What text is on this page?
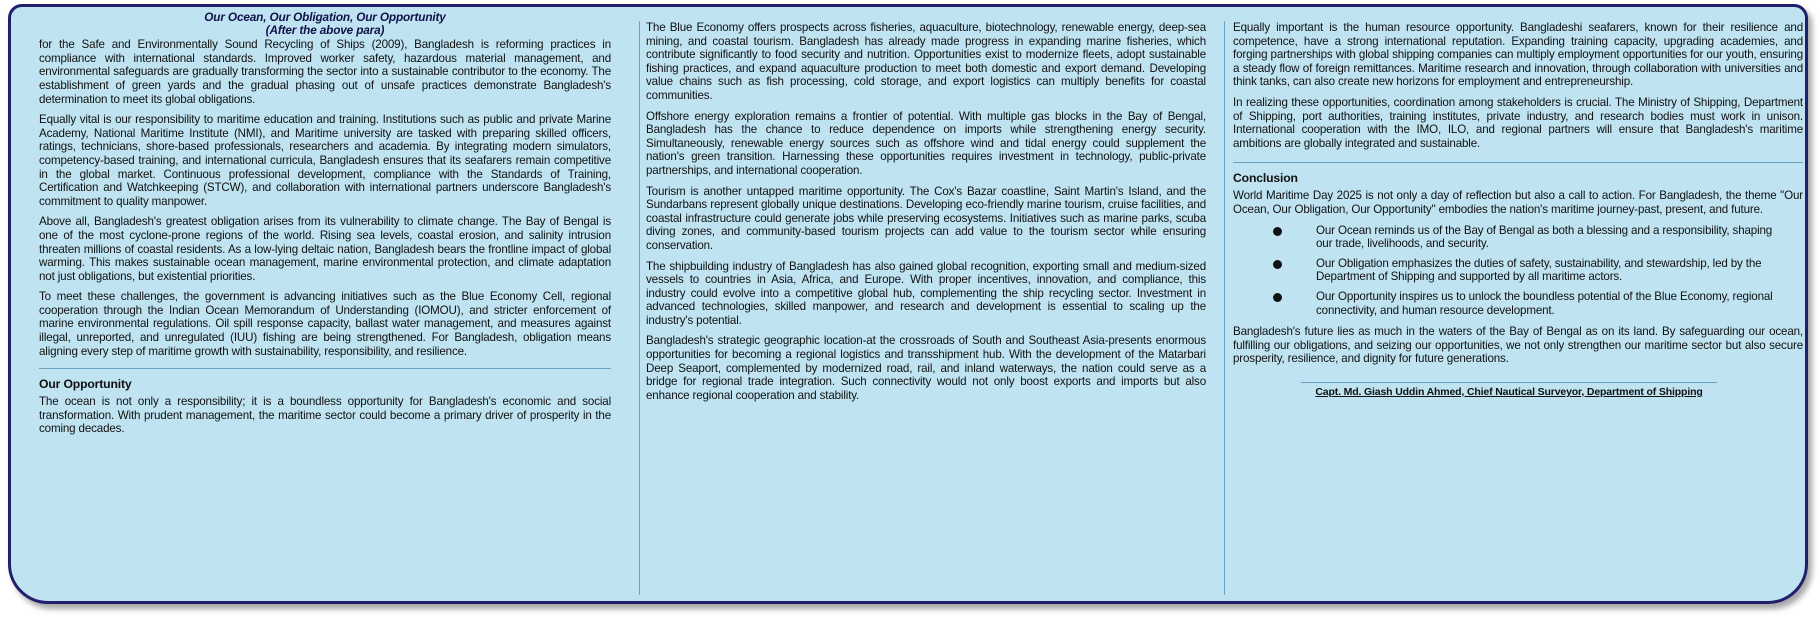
Our Ocean, Our Obligation, Our Opportunity
(After the above para)

for the Safe and Environmentally Sound Recycling of Ships (2009), Bangladesh is reforming practices in compliance with international standards. Improved worker safety, hazardous material management, and environmental safeguards are gradually transforming the sector into a sustainable contributor to the economy. The establishment of green yards and the gradual phasing out of unsafe practices demonstrate Bangladesh's determination to meet its global obligations.

Equally vital is our responsibility to maritime education and training. Institutions such as public and private Marine Academy, National Maritime Institute (NMI), and Maritime university are tasked with preparing skilled officers, ratings, technicians, shore-based professionals, researchers and academia. By integrating modern simulators, competency-based training, and international curricula, Bangladesh ensures that its seafarers remain competitive in the global market. Continuous professional development, compliance with the Standards of Training, Certification and Watchkeeping (STCW), and collaboration with international partners underscore Bangladesh's commitment to quality manpower.

Above all, Bangladesh's greatest obligation arises from its vulnerability to climate change. The Bay of Bengal is one of the most cyclone-prone regions of the world. Rising sea levels, coastal erosion, and salinity intrusion threaten millions of coastal residents. As a low-lying deltaic nation, Bangladesh bears the frontline impact of global warming. This makes sustainable ocean management, marine environmental protection, and climate adaptation not just obligations, but existential priorities.

To meet these challenges, the government is advancing initiatives such as the Blue Economy Cell, regional cooperation through the Indian Ocean Memorandum of Understanding (IOMOU), and stricter enforcement of marine environmental regulations. Oil spill response capacity, ballast water management, and measures against illegal, unreported, and unregulated (IUU) fishing are being strengthened. For Bangladesh, obligation means aligning every step of maritime growth with sustainability, responsibility, and resilience.

Our Opportunity

The ocean is not only a responsibility; it is a boundless opportunity for Bangladesh's economic and social transformation. With prudent management, the maritime sector could become a primary driver of prosperity in the coming decades.

The Blue Economy offers prospects across fisheries, aquaculture, biotechnology, renewable energy, deep-sea mining, and coastal tourism. Bangladesh has already made progress in expanding marine fisheries, which contribute significantly to food security and nutrition. Opportunities exist to modernize fleets, adopt sustainable fishing practices, and expand aquaculture production to meet both domestic and export demand. Developing value chains such as fish processing, cold storage, and export logistics can multiply benefits for coastal communities.

Offshore energy exploration remains a frontier of potential. With multiple gas blocks in the Bay of Bengal, Bangladesh has the chance to reduce dependence on imports while strengthening energy security. Simultaneously, renewable energy sources such as offshore wind and tidal energy could supplement the nation's green transition. Harnessing these opportunities requires investment in technology, public-private partnerships, and international cooperation.

Tourism is another untapped maritime opportunity. The Cox's Bazar coastline, Saint Martin's Island, and the Sundarbans represent globally unique destinations. Developing eco-friendly marine tourism, cruise facilities, and coastal infrastructure could generate jobs while preserving ecosystems. Initiatives such as marine parks, scuba diving zones, and community-based tourism projects can add value to the tourism sector while ensuring conservation.

The shipbuilding industry of Bangladesh has also gained global recognition, exporting small and medium-sized vessels to countries in Asia, Africa, and Europe. With proper incentives, innovation, and compliance, this industry could evolve into a competitive global hub, complementing the ship recycling sector. Investment in advanced technologies, skilled manpower, and research and development is essential to scaling up the industry's potential.

Bangladesh's strategic geographic location-at the crossroads of South and Southeast Asia-presents enormous opportunities for becoming a regional logistics and transshipment hub. With the development of the Matarbari Deep Seaport, complemented by modernized road, rail, and inland waterways, the nation could serve as a bridge for regional trade integration. Such connectivity would not only boost exports and imports but also enhance regional cooperation and stability.

Equally important is the human resource opportunity. Bangladeshi seafarers, known for their resilience and competence, have a strong international reputation. Expanding training capacity, upgrading academies, and forging partnerships with global shipping companies can multiply employment opportunities for our youth, ensuring a steady flow of foreign remittances. Maritime research and innovation, through collaboration with universities and think tanks, can also create new horizons for employment and entrepreneurship.

In realizing these opportunities, coordination among stakeholders is crucial. The Ministry of Shipping, Department of Shipping, port authorities, training institutes, private industry, and research bodies must work in unison. International cooperation with the IMO, ILO, and regional partners will ensure that Bangladesh's maritime ambitions are globally integrated and sustainable.

Conclusion

World Maritime Day 2025 is not only a day of reflection but also a call to action. For Bangladesh, the theme "Our Ocean, Our Obligation, Our Opportunity" embodies the nation's maritime journey-past, present, and future.

Our Ocean reminds us of the Bay of Bengal as both a blessing and a responsibility, shaping our trade, livelihoods, and security.
Our Obligation emphasizes the duties of safety, sustainability, and stewardship, led by the Department of Shipping and supported by all maritime actors.
Our Opportunity inspires us to unlock the boundless potential of the Blue Economy, regional connectivity, and human resource development.

Bangladesh's future lies as much in the waters of the Bay of Bengal as on its land. By safeguarding our ocean, fulfilling our obligations, and seizing our opportunities, we not only strengthen our maritime sector but also secure prosperity, resilience, and dignity for future generations.

Capt. Md. Giash Uddin Ahmed, Chief Nautical Surveyor, Department of Shipping
